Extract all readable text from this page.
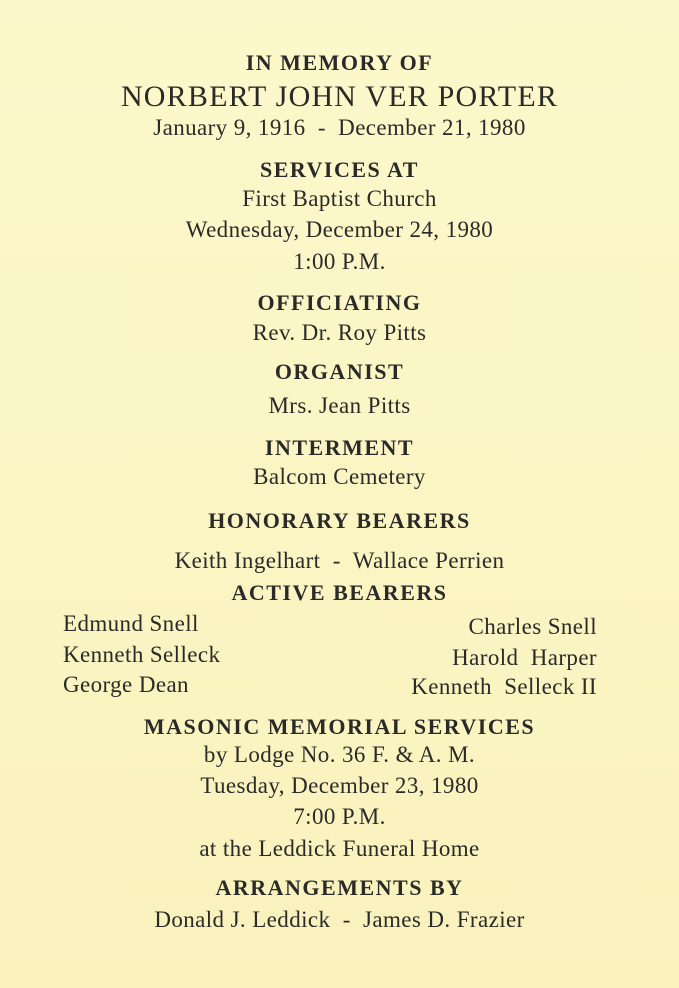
IN MEMORY OF
NORBERT JOHN VER PORTER
January 9, 1916  -  December 21, 1980
SERVICES AT
First Baptist Church
Wednesday, December 24, 1980
1:00 P.M.
OFFICIATING
Rev. Dr. Roy Pitts
ORGANIST
Mrs. Jean Pitts
INTERMENT
Balcom Cemetery
HONORARY BEARERS
Keith Ingelhart  -  Wallace Perrien
ACTIVE BEARERS
Edmund Snell
Kenneth Selleck
George Dean
Charles Snell
Harold  Harper
Kenneth  Selleck II
MASONIC MEMORIAL SERVICES
by Lodge No. 36 F. & A. M.
Tuesday, December 23, 1980
7:00 P.M.
at the Leddick Funeral Home
ARRANGEMENTS BY
Donald J. Leddick  -  James D. Frazier
